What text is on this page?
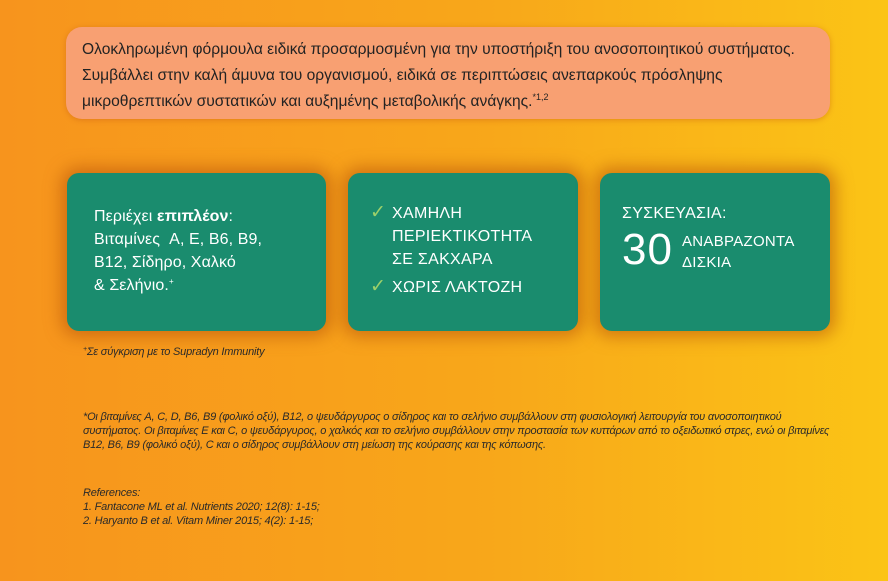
Ολοκληρωμένη φόρμουλα ειδικά προσαρμοσμένη για την υποστήριξη του ανοσοποιητικού συστήματος. Συμβάλλει στην καλή άμυνα του οργανισμού, ειδικά σε περιπτώσεις ανεπαρκούς πρόσληψης μικροθρεπτικών συστατικών και αυξημένης μεταβολικής ανάγκης.$^{*1,2}$
Περιέχει επιπλέον:
Βιταμίνες  A, E, B6, B9,
B12, Σίδηρο, Χαλκό
& Σελήνιο.+
✓ ΧΑΜΗΛΗ
ΠΕΡΙΕΚΤΙΚΟΤΗΤΑ
ΣΕ ΣΑΚΧΑΡΑ
✓ ΧΩΡΙΣ ΛΑΚΤΟΖΗ
ΣΥΣΚΕΥΑΣΙΑ:
30 ΑΝΑΒΡΑΖΟΝΤΑ
ΔΙΣΚΙΑ
+Σε σύγκριση με το Supradyn Immunity
*Οι βιταμίνες A, C, D, B6, B9 (φολικό οξύ), B12, ο ψευδάργυρος ο σίδηρος και το σελήνιο συμβάλλουν στη φυσιολογική λειτουργία του ανοσοποιητικού συστήματος. Οι βιταμίνες E και C, ο ψευδάργυρος, ο χαλκός και το σελήνιο συμβάλλουν στην προστασία των κυττάρων από το οξειδωτικό στρες, ενώ οι βιταμίνες B12, B6, B9 (φολικό οξύ), C και ο σίδηρος συμβάλλουν στη μείωση της κούρασης και της κόπωσης.
References:
1. Fantacone ML et al. Nutrients 2020; 12(8): 1-15;
2. Haryanto B et al. Vitam Miner 2015; 4(2): 1-15;
